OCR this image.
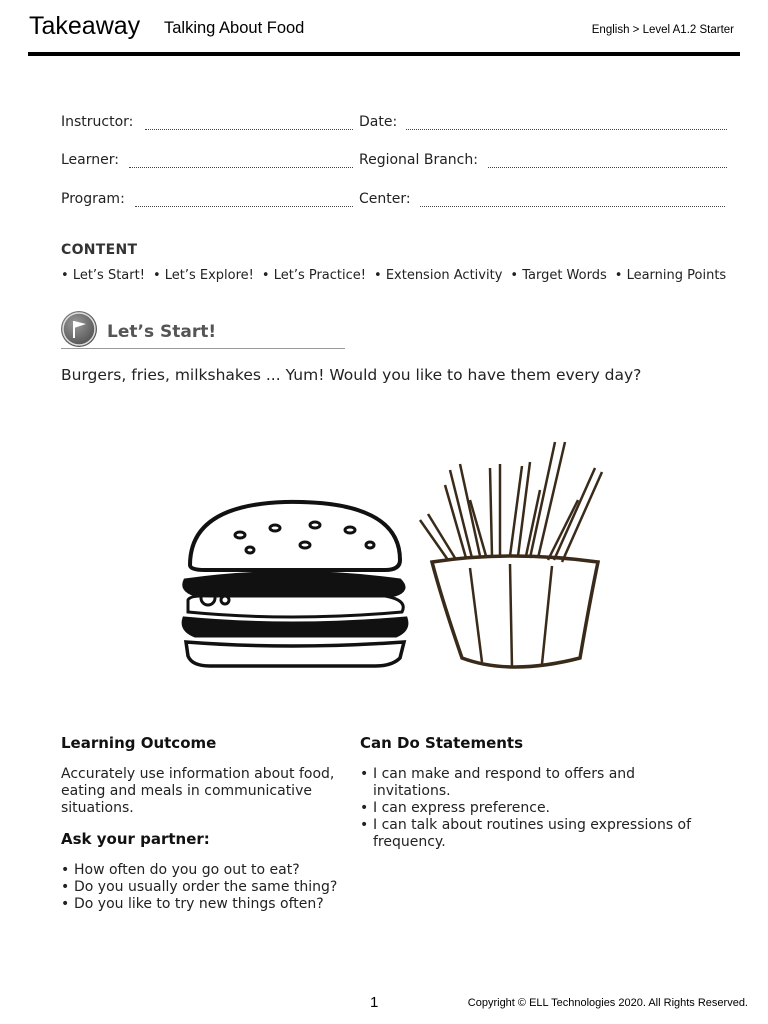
Takeaway Talking About Food	English > Level A1.2 Starter
Instructor:	Date:
Learner:	Regional Branch:
Program:	Center:
CONTENT
• Let’s Start!	• Let’s Explore!	• Let’s Practice!	• Extension Activity	• Target Words	• Learning Points
Let’s Start!
Burgers, fries, milkshakes ... Yum! Would you like to have them every day?
Learning Outcome
Accurately use information about food, eating and meals in communicative situations.
Ask your partner:
• How often do you go out to eat?
• Do you usually order the same thing?
• Do you like to try new things often?
Can Do Statements
• I can make and respond to offers and invitations.
• I can express preference.
• I can talk about routines using expressions of frequency.
1	Copyright © ELL Technologies 2020. All Rights Reserved.
